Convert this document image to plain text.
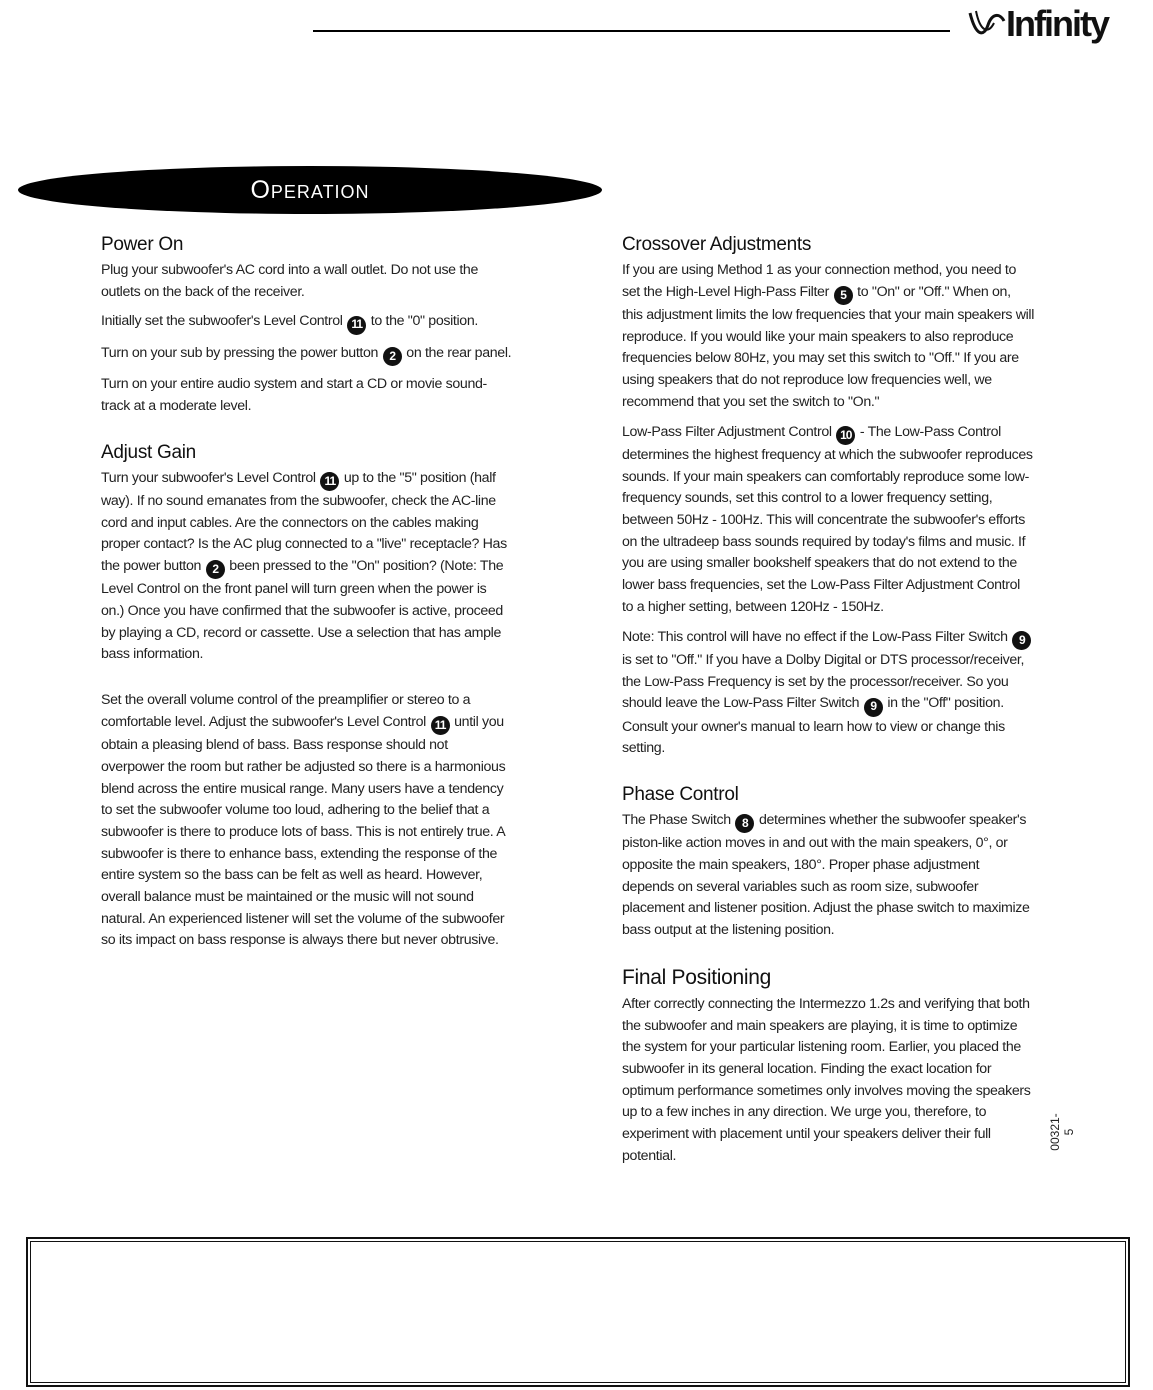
Infinity
Operation
Power On

Plug your subwoofer's AC cord into a wall outlet. Do not use the outlets on the back of the receiver.

Initially set the subwoofer's Level Control 11 to the "0" position.

Turn on your sub by pressing the power button 2 on the rear panel.

Turn on your entire audio system and start a CD or movie sound-track at a moderate level.

Adjust Gain

Turn your subwoofer's Level Control 11 up to the "5" position (half way). If no sound emanates from the subwoofer, check the AC-line cord and input cables. Are the connectors on the cables making proper contact? Is the AC plug connected to a "live" receptacle? Has the power button 2 been pressed to the "On" position? (Note: The Level Control on the front panel will turn green when the power is on.) Once you have confirmed that the subwoofer is active, proceed by playing a CD, record or cassette. Use a selection that has ample bass information.

Set the overall volume control of the preamplifier or stereo to a comfortable level. Adjust the subwoofer's Level Control 11 until you obtain a pleasing blend of bass. Bass response should not overpower the room but rather be adjusted so there is a harmonious blend across the entire musical range. Many users have a tendency to set the subwoofer volume too loud, adhering to the belief that a subwoofer is there to produce lots of bass. This is not entirely true. A subwoofer is there to enhance bass, extending the response of the entire system so the bass can be felt as well as heard. However, overall balance must be maintained or the music will not sound natural. An experienced listener will set the volume of the subwoofer so its impact on bass response is always there but never obtrusive.

Crossover Adjustments

If you are using Method 1 as your connection method, you need to set the High-Level High-Pass Filter 5 to "On" or "Off." When on, this adjustment limits the low frequencies that your main speakers will reproduce. If you would like your main speakers to also reproduce frequencies below 80Hz, you may set this switch to "Off." If you are using speakers that do not reproduce low frequencies well, we recommend that you set the switch to "On."

Low-Pass Filter Adjustment Control 10 - The Low-Pass Control determines the highest frequency at which the subwoofer reproduces sounds. If your main speakers can comfortably reproduce some low-frequency sounds, set this control to a lower frequency setting, between 50Hz - 100Hz. This will concentrate the subwoofer's efforts on the ultradeep bass sounds required by today's films and music. If you are using smaller bookshelf speakers that do not extend to the lower bass frequencies, set the Low-Pass Filter Adjustment Control to a higher setting, between 120Hz - 150Hz.

Note: This control will have no effect if the Low-Pass Filter Switch 9 is set to "Off." If you have a Dolby Digital or DTS processor/receiver, the Low-Pass Frequency is set by the processor/receiver. So you should leave the Low-Pass Filter Switch 9 in the "Off" position. Consult your owner's manual to learn how to view or change this setting.

Phase Control

The Phase Switch 8 determines whether the subwoofer speaker's piston-like action moves in and out with the main speakers, 0°, or opposite the main speakers, 180°. Proper phase adjustment depends on several variables such as room size, subwoofer placement and listener position. Adjust the phase switch to maximize bass output at the listening position.

Final Positioning

After correctly connecting the Intermezzo 1.2s and verifying that both the subwoofer and main speakers are playing, it is time to optimize the system for your particular listening room. Earlier, you placed the subwoofer in its general location. Finding the exact location for optimum performance sometimes only involves moving the speakers up to a few inches in any direction. We urge you, therefore, to experiment with placement until your speakers deliver their full potential.

00321-5
